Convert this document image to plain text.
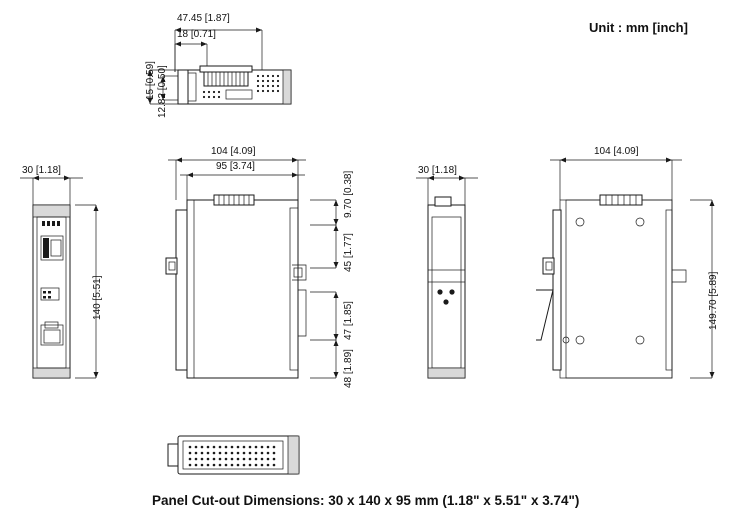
Unit : mm [inch]
47.45 [1.87]
18 [0.71]
15 [0.59] 12.82 [0.50]
30 [1.18]
140 [5.51]
104 [4.09]
95 [3.74]
9.70 [0.38]
45 [1.77]
47 [1.85]
48 [1.89]
30 [1.18]
104 [4.09]
149.70 [5.89]
Panel Cut-out Dimensions: 30 x 140 x 95 mm (1.18" x 5.51" x 3.74")
